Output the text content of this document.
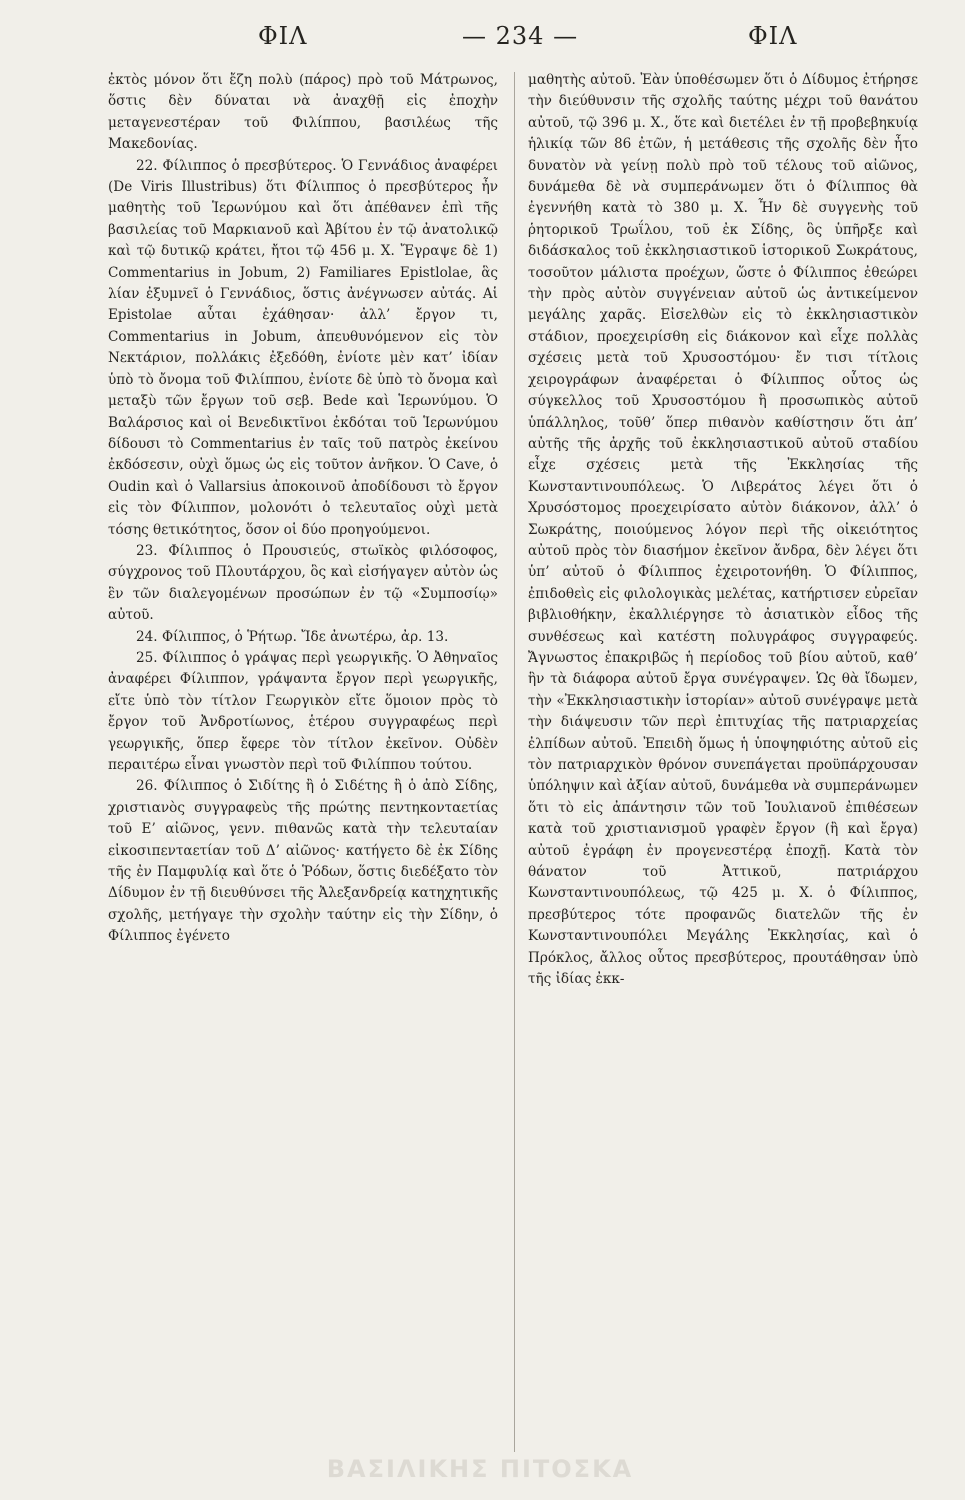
ΦΙΛ	— 234 —	ΦΙΛ

ἐκτὸς μόνον ὅτι ἔζη πολὺ (πάρος) πρὸ τοῦ Μάτρωνος, ὅστις δὲν δύναται νὰ ἀναχθῇ εἰς ἐποχὴν μεταγενεστέραν τοῦ Φιλίππου, βασιλέως τῆς Μακεδονίας.

22. Φίλιππος ὁ πρεσβύτερος. Ὁ Γεννάδιος ἀναφέρει (De Viris Illustribus) ὅτι Φίλιππος ὁ πρεσβύτερος ἦν μαθητὴς τοῦ Ἱερωνύμου καὶ ὅτι ἀπέθανεν ἐπὶ τῆς βασιλείας τοῦ Μαρκιανοῦ καὶ Ἀβίτου ἐν τῷ ἀνατολικῷ καὶ τῷ δυτικῷ κράτει, ἤτοι τῷ 456 μ. Χ. Ἔγραψε δὲ 1) Commentarius in Jobum, 2) Familiares Epistlolae, ἃς λίαν ἐξυμνεῖ ὁ Γεννάδιος, ὅστις ἀνέγνωσεν αὐτάς. Αἱ Epistolae αὗται ἐχάθησαν· ἀλλ’ ἔργον τι, Commentarius in Jobum, ἀπευθυνόμενον εἰς τὸν Νεκτάριον, πολλάκις ἐξεδόθη, ἐνίοτε μὲν κατ’ ἰδίαν ὑπὸ τὸ ὄνομα τοῦ Φιλίππου, ἐνίοτε δὲ ὑπὸ τὸ ὄνομα καὶ μεταξὺ τῶν ἔργων τοῦ σεβ. Bede καὶ Ἱερωνύμου. Ὁ Βαλάρσιος καὶ οἱ Βενεδικτῖνοι ἐκδόται τοῦ Ἱερωνύμου δίδουσι τὸ Commentarius ἐν ταῖς τοῦ πατρὸς ἐκείνου ἐκδόσεσιν, οὐχὶ ὅμως ὡς εἰς τοῦτον ἀνῆκον. Ὁ Cave, ὁ Oudin καὶ ὁ Vallarsius ἀποκοινοῦ ἀποδίδουσι τὸ ἔργον εἰς τὸν Φίλιππον, μολονότι ὁ τελευταῖος οὐχὶ μετὰ τόσης θετικότητος, ὅσον οἱ δύο προηγούμενοι.

23. Φίλιππος ὁ Προυσιεύς, στωϊκὸς φιλόσοφος, σύγχρονος τοῦ Πλουτάρχου, ὃς καὶ εἰσήγαγεν αὐτὸν ὡς ἓν τῶν διαλεγομένων προσώπων ἐν τῷ «Συμποσίῳ» αὐτοῦ.

24. Φίλιππος, ὁ Ῥήτωρ. Ἴδε ἀνωτέρω, ἀρ. 13.

25. Φίλιππος ὁ γράψας περὶ γεωργικῆς. Ὁ Ἀθηναῖος ἀναφέρει Φίλιππον, γράψαντα ἔργον περὶ γεωργικῆς, εἴτε ὑπὸ τὸν τίτλον Γεωργικὸν εἴτε ὅμοιον πρὸς τὸ ἔργον τοῦ Ἀνδροτίωνος, ἑτέρου συγγραφέως περὶ γεωργικῆς, ὅπερ ἔφερε τὸν τίτλον ἐκεῖνον. Οὐδὲν περαιτέρω εἶναι γνωστὸν περὶ τοῦ Φιλίππου τούτου.

26. Φίλιππος ὁ Σιδίτης ἢ ὁ Σιδέτης ἢ ὁ ἀπὸ Σίδης, χριστιανὸς συγγραφεὺς τῆς πρώτης πεντηκονταετίας τοῦ Ε’ αἰῶνος, γενν. πιθανῶς κατὰ τὴν τελευταίαν εἰκοσιπενταετίαν τοῦ Δ’ αἰῶνος· κατήγετο δὲ ἐκ Σίδης τῆς ἐν Παμφυλίᾳ καὶ ὅτε ὁ Ῥόδων, ὅστις διεδέξατο τὸν Δίδυμον ἐν τῇ διευθύνσει τῆς Ἀλεξανδρείᾳ κατηχητικῆς σχολῆς, μετήγαγε τὴν σχολὴν ταύτην εἰς τὴν Σίδην, ὁ Φίλιππος ἐγένετο

μαθητὴς αὐτοῦ. Ἐὰν ὑποθέσωμεν ὅτι ὁ Δίδυμος ἐτήρησε τὴν διεύθυνσιν τῆς σχολῆς ταύτης μέχρι τοῦ θανάτου αὐτοῦ, τῷ 396 μ. Χ., ὅτε καὶ διετέλει ἐν τῇ προβεβηκυίᾳ ἡλικίᾳ τῶν 86 ἐτῶν, ἡ μετάθεσις τῆς σχολῆς δὲν ἦτο δυνατὸν νὰ γείνῃ πολὺ πρὸ τοῦ τέλους τοῦ αἰῶνος, δυνάμεθα δὲ νὰ συμπεράνωμεν ὅτι ὁ Φίλιππος θὰ ἐγεννήθη κατὰ τὸ 380 μ. Χ. Ἦν δὲ συγγενὴς τοῦ ῥητορικοῦ Τρωΐλου, τοῦ ἐκ Σίδης, ὃς ὑπῆρξε καὶ διδάσκαλος τοῦ ἐκκλησιαστικοῦ ἱστορικοῦ Σωκράτους, τοσοῦτον μάλιστα προέχων, ὥστε ὁ Φίλιππος ἐθεώρει τὴν πρὸς αὐτὸν συγγένειαν αὐτοῦ ὡς ἀντικείμενον μεγάλης χαρᾶς. Εἰσελθὼν εἰς τὸ ἐκκλησιαστικὸν στάδιον, προεχειρίσθη εἰς διάκονον καὶ εἶχε πολλὰς σχέσεις μετὰ τοῦ Χρυσοστόμου· ἔν τισι τίτλοις χειρογράφων ἀναφέρεται ὁ Φίλιππος οὗτος ὡς σύγκελλος τοῦ Χρυσοστόμου ἢ προσωπικὸς αὐτοῦ ὑπάλληλος, τοῦθ’ ὅπερ πιθανὸν καθίστησιν ὅτι ἀπ’ αὐτῆς τῆς ἀρχῆς τοῦ ἐκκλησιαστικοῦ αὐτοῦ σταδίου εἶχε σχέσεις μετὰ τῆς Ἐκκλησίας τῆς Κωνσταντινουπόλεως. Ὁ Λιβεράτος λέγει ὅτι ὁ Χρυσόστομος προεχειρίσατο αὐτὸν διάκονον, ἀλλ’ ὁ Σωκράτης, ποιούμενος λόγον περὶ τῆς οἰκειότητος αὐτοῦ πρὸς τὸν διασήμον ἐκεῖνον ἄνδρα, δὲν λέγει ὅτι ὑπ’ αὐτοῦ ὁ Φίλιππος ἐχειροτονήθη. Ὁ Φίλιππος, ἐπιδοθεὶς εἰς φιλολογικὰς μελέτας, κατήρτισεν εὐρεῖαν βιβλιοθήκην, ἐκαλλιέργησε τὸ ἀσιατικὸν εἶδος τῆς συνθέσεως καὶ κατέστη πολυγράφος συγγραφεύς. Ἄγνωστος ἐπακριβῶς ἡ περίοδος τοῦ βίου αὐτοῦ, καθ’ ἣν τὰ διάφορα αὐτοῦ ἔργα συνέγραψεν. Ὡς θὰ ἴδωμεν, τὴν «Ἐκκλησιαστικὴν ἱστορίαν» αὐτοῦ συνέγραψε μετὰ τὴν διάψευσιν τῶν περὶ ἐπιτυχίας τῆς πατριαρχείας ἐλπίδων αὐτοῦ. Ἐπειδὴ ὅμως ἡ ὑποψηφιότης αὐτοῦ εἰς τὸν πατριαρχικὸν θρόνον συνεπάγεται προϋπάρχουσαν ὑπόληψιν καὶ ἀξίαν αὐτοῦ, δυνάμεθα νὰ συμπεράνωμεν ὅτι τὸ εἰς ἀπάντησιν τῶν τοῦ Ἰουλιανοῦ ἐπιθέσεων κατὰ τοῦ χριστιανισμοῦ γραφὲν ἔργον (ἢ καὶ ἔργα) αὐτοῦ ἐγράφη ἐν προγενεστέρᾳ ἐποχῇ. Κατὰ τὸν θάνατον τοῦ Ἀττικοῦ, πατριάρχου Κωνσταντινουπόλεως, τῷ 425 μ. Χ. ὁ Φίλιππος, πρεσβύτερος τότε προφανῶς διατελῶν τῆς ἐν Κωνσταντινουπόλει Μεγάλης Ἐκκλησίας, καὶ ὁ Πρόκλος, ἄλλος οὗτος πρεσβύτερος, προυτάθησαν ὑπὸ τῆς ἰδίας ἐκκ-

ΒΑΣΙΛΙΚΗΣ ΠΙΤΟΣΚΑ
